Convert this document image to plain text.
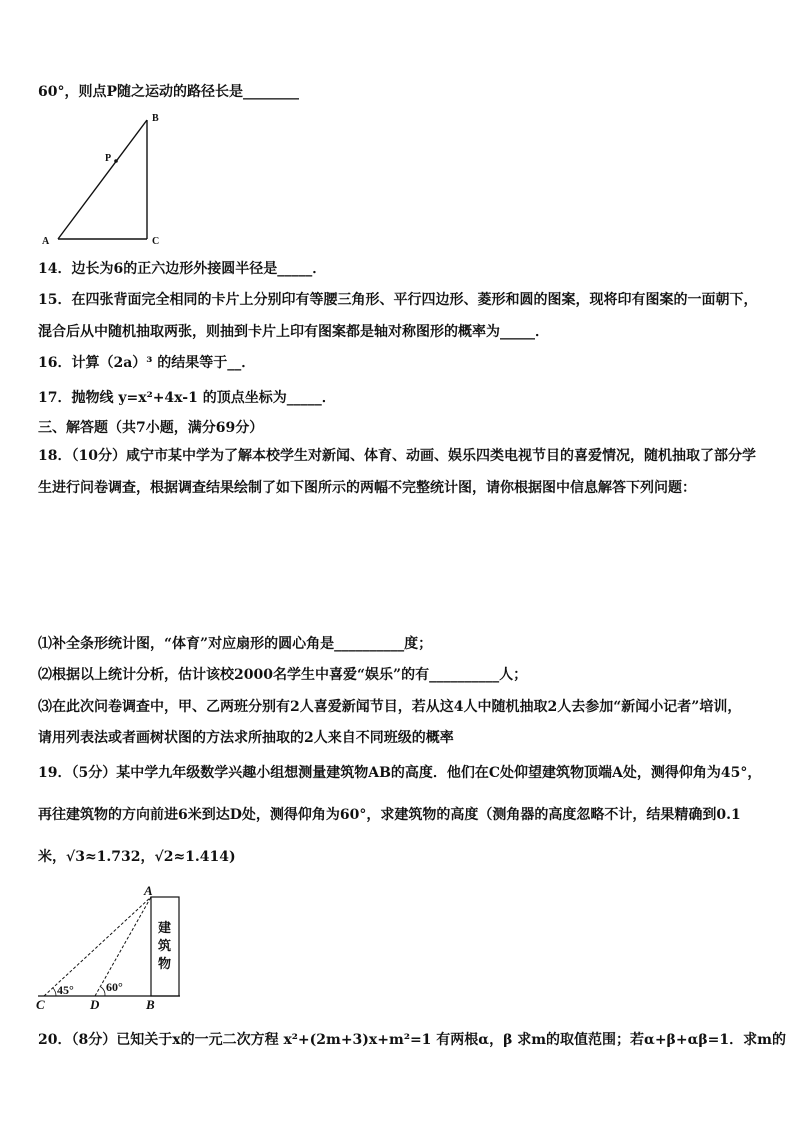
60°，则点P随之运动的路径长是________
B
P
A	C
14．边长为6的正六边形外接圆半径是_____．
15．在四张背面完全相同的卡片上分别印有等腰三角形、平行四边形、菱形和圆的图案，现将印有图案的一面朝下，
混合后从中随机抽取两张，则抽到卡片上印有图案都是轴对称图形的概率为_____．
16．计算（2a）³ 的结果等于__．
17．抛物线 y=x²+4x-1 的顶点坐标为_____．
三、解答题（共7小题，满分69分）
18．（10分）咸宁市某中学为了解本校学生对新闻、体育、动画、娱乐四类电视节目的喜爱情况，随机抽取了部分学
生进行问卷调查，根据调查结果绘制了如下图所示的两幅不完整统计图，请你根据图中信息解答下列问题：
⑴补全条形统计图，“体育”对应扇形的圆心角是__________度；
⑵根据以上统计分析，估计该校2000名学生中喜爱“娱乐”的有__________人；
⑶在此次问卷调查中，甲、乙两班分别有2人喜爱新闻节目，若从这4人中随机抽取2人去参加“新闻小记者”培训，
请用列表法或者画树状图的方法求所抽取的2人来自不同班级的概率
19．（5分）某中学九年级数学兴趣小组想测量建筑物AB的高度．他们在C处仰望建筑物顶端A处，测得仰角为45°，
再往建筑物的方向前进6米到达D处，测得仰角为60°，求建筑物的高度（测角器的高度忽略不计，结果精确到0.1
米，√3≈1.732，√2≈1.414)
A
C	D	B
45°	60°
建
筑
物
20．（8分）已知关于x的一元二次方程 x²+(2m+3)x+m²=1 有两根α，β 求m的取值范围；若α+β+αβ=1．求m的
